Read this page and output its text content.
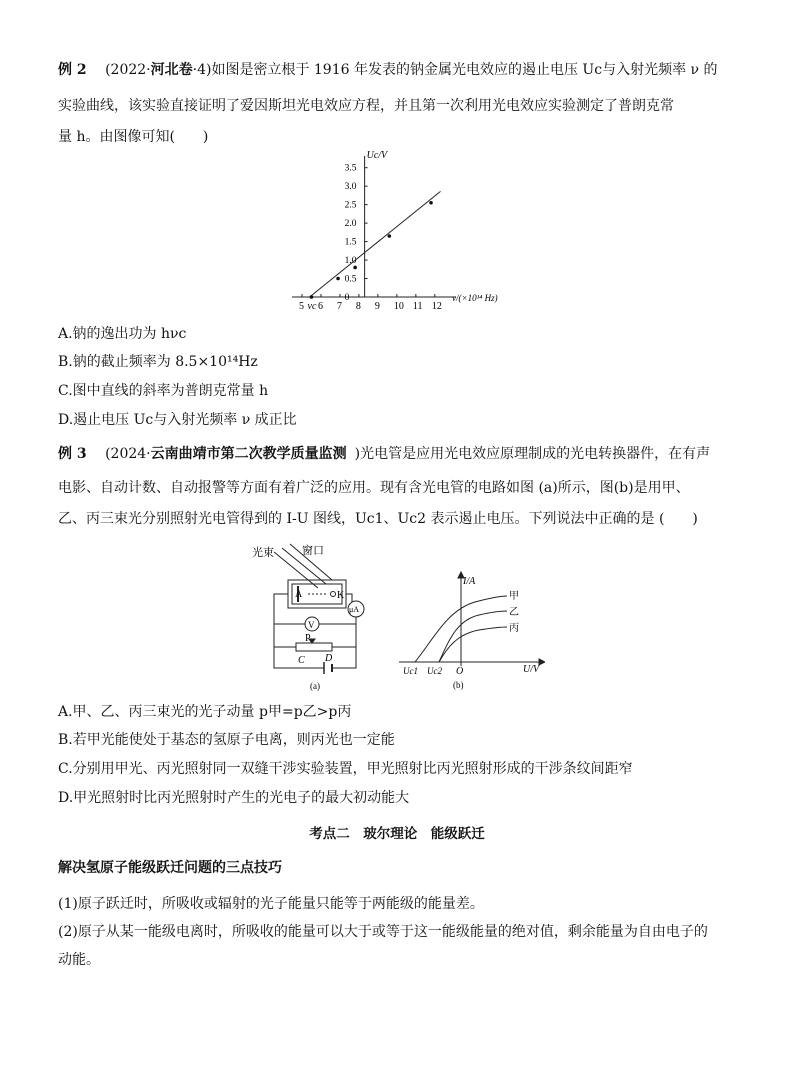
例 2 (2022·河北卷·4)如图是密立根于 1916 年发表的钠金属光电效应的遏止电压 Uc与入射光频率 ν 的
实验曲线，该实验直接证明了爱因斯坦光电效应方程，并且第一次利用光电效应实验测定了普朗克常
量 h。由图像可知(　　)
Uc/V
ν/(×10¹⁴ Hz)
5 6 7 8 9 10 11 12
νc
0
0.5
1.0
1.5
2.0
2.5
3.0
3.5
A.钠的逸出功为 hνc
B.钠的截止频率为 8.5×10¹⁴Hz
C.图中直线的斜率为普朗克常量 h
D.遏止电压 Uc与入射光频率 ν 成正比
例 3 (2024·云南曲靖市第二次教学质量监测 )光电管是应用光电效应原理制成的光电转换器件，在有声
电影、自动计数、自动报警等方面有着广泛的应用。现有含光电管的电路如图 (a)所示，图(b)是用甲、
乙、丙三束光分别照射光电管得到的 I-U 图线，Uc1、Uc2 表示遏止电压。下列说法中正确的是 (　　)
光束	窗口
A	K
μA
V
P
C D
(a)
I/A
U/V
O
Uc1 Uc2
甲
乙
丙
(b)
A.甲、乙、丙三束光的光子动量 p甲=p乙>p丙
B.若甲光能使处于基态的氢原子电离，则丙光也一定能
C.分别用甲光、丙光照射同一双缝干涉实验装置，甲光照射比丙光照射形成的干涉条纹间距窄
D.甲光照射时比丙光照射时产生的光电子的最大初动能大
考点二　玻尔理论　能级跃迁
解决氢原子能级跃迁问题的三点技巧
(1)原子跃迁时，所吸收或辐射的光子能量只能等于两能级的能量差。
(2)原子从某一能级电离时，所吸收的能量可以大于或等于这一能级能量的绝对值，剩余能量为自由电子的
动能。
